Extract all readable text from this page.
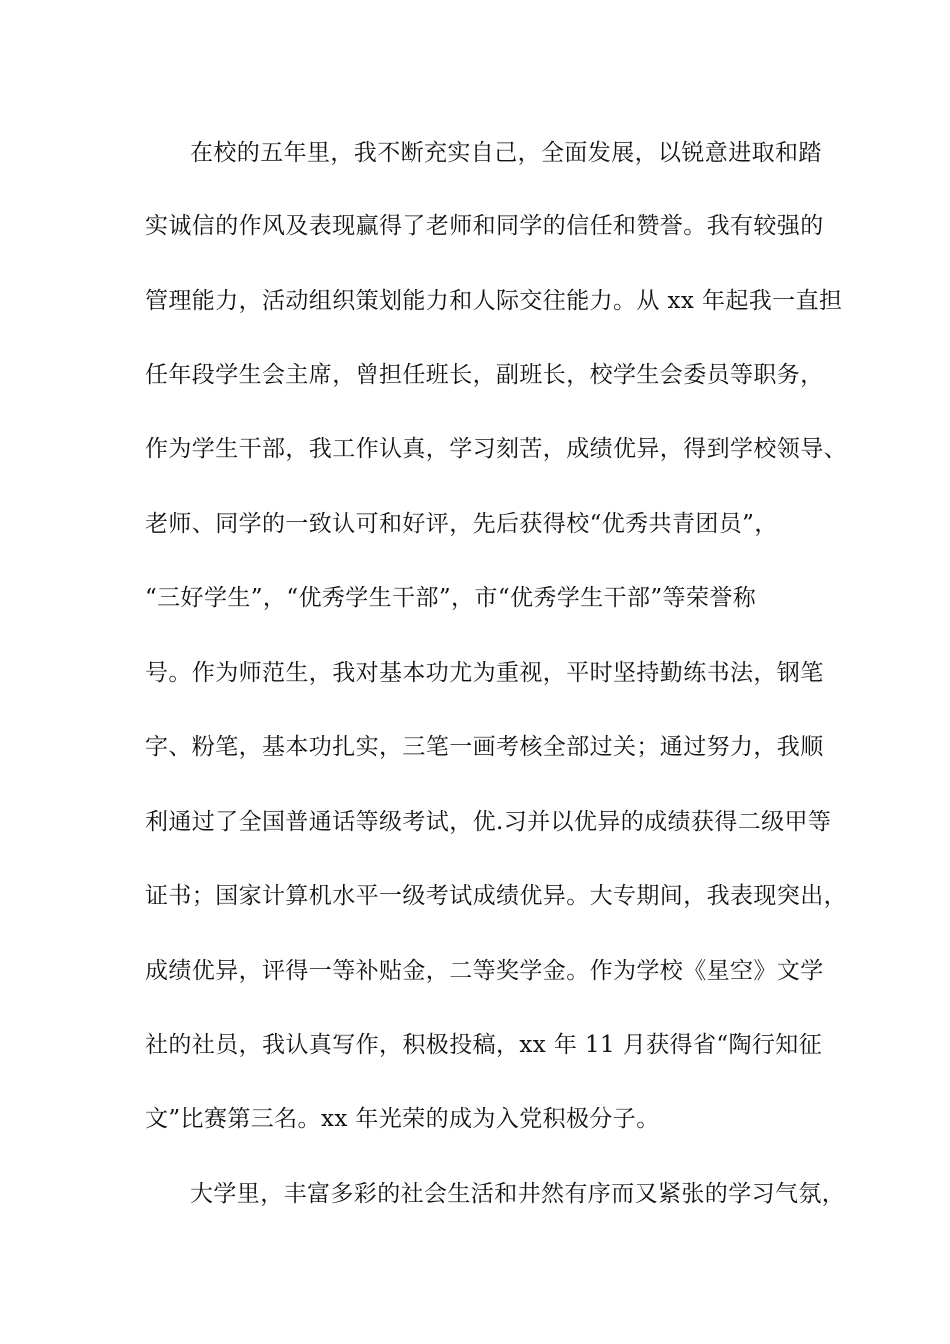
在校的五年里，我不断充实自己，全面发展，以锐意进取和踏
实诚信的作风及表现赢得了老师和同学的信任和赞誉。我有较强的
管理能力，活动组织策划能力和人际交往能力。从 xx 年起我一直担
任年段学生会主席，曾担任班长，副班长，校学生会委员等职务，
作为学生干部，我工作认真，学习刻苦，成绩优异，得到学校领导、
老师、同学的一致认可和好评，先后获得校“优秀共青团员”，
“三好学生”，“优秀学生干部”，市“优秀学生干部”等荣誉称
号。作为师范生，我对基本功尤为重视，平时坚持勤练书法，钢笔
字、粉笔，基本功扎实，三笔一画考核全部过关；通过努力，我顺
利通过了全国普通话等级考试，优.习并以优异的成绩获得二级甲等
证书；国家计算机水平一级考试成绩优异。大专期间，我表现突出，
成绩优异，评得一等补贴金，二等奖学金。作为学校《星空》文学
社的社员，我认真写作，积极投稿，xx 年 11 月获得省“陶行知征
文”比赛第三名。xx 年光荣的成为入党积极分子。
大学里，丰富多彩的社会生活和井然有序而又紧张的学习气氛，
